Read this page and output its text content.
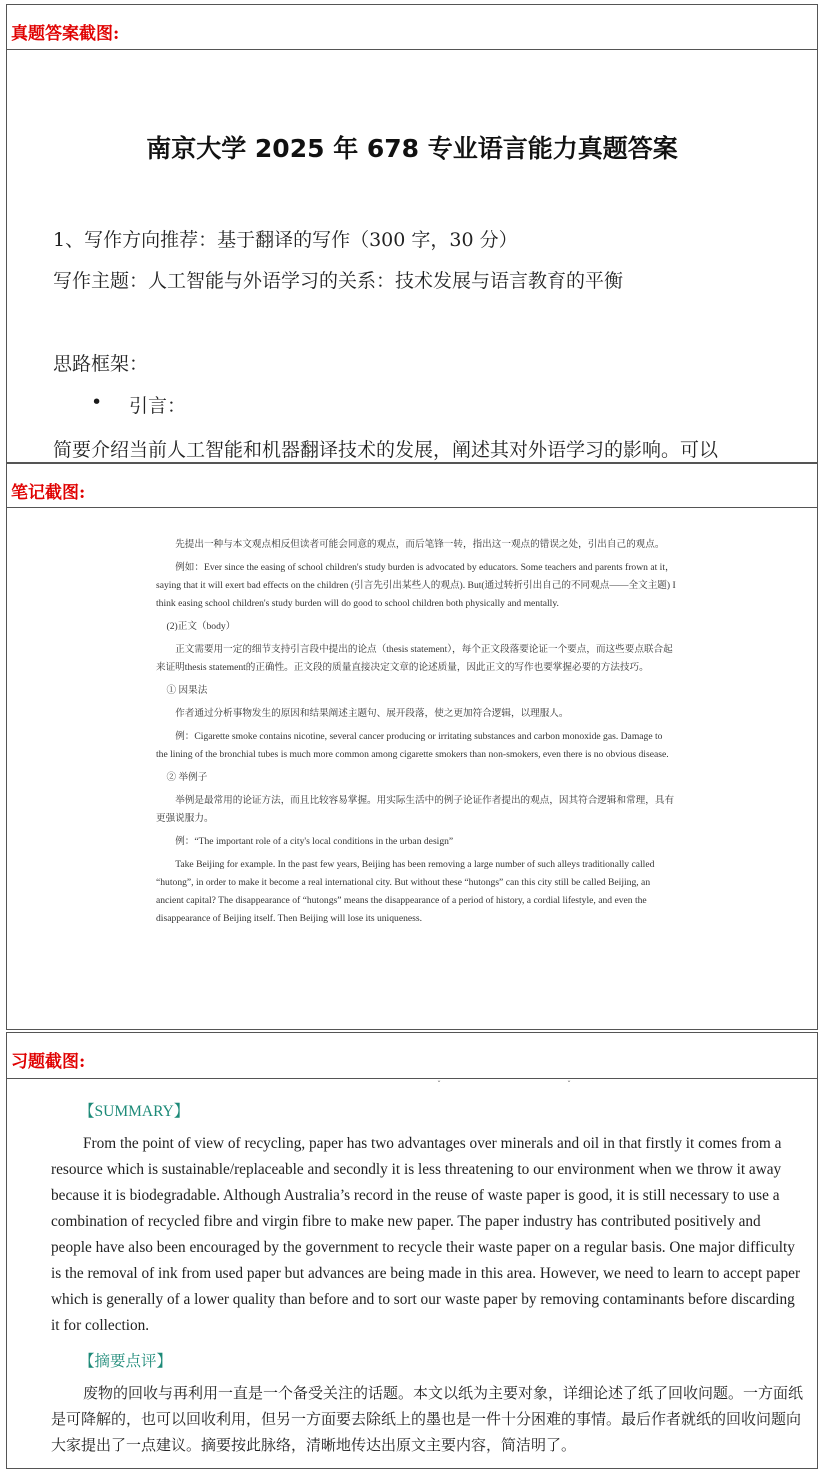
真题答案截图:
南京大学 2025 年 678 专业语言能力真题答案
1、写作方向推荐：基于翻译的写作（300 字，30 分）
写作主题：人工智能与外语学习的关系：技术发展与语言教育的平衡
思路框架：
• 引言：
简要介绍当前人工智能和机器翻译技术的发展，阐述其对外语学习的影响。可以
笔记截图:

先提出一种与本文观点相反但读者可能会同意的观点，而后笔锋一转，指出这一观点的错误之处，引出自己的观点。

例如：Ever since the easing of school children's study burden is advocated by educators. Some teachers and parents frown at it，saying that it will exert bad effects on the children (引言先引出某些人的观点). But(通过转折引出自己的不同观点——全文主题) I think easing school children's study burden will do good to school children both physically and mentally.

(2)正文（body）

正文需要用一定的细节支持引言段中提出的论点（thesis statement），每个正文段落要论证一个要点，而这些要点联合起来证明thesis statement的正确性。正文段的质量直接决定文章的论述质量，因此正文的写作也要掌握必要的方法技巧。

① 因果法

作者通过分析事物发生的原因和结果阐述主题句、展开段落，使之更加符合逻辑，以理服人。

例：Cigarette smoke contains nicotine, several cancer producing or irritating substances and carbon monoxide gas. Damage to the lining of the bronchial tubes is much more common among cigarette smokers than non-smokers, even there is no obvious disease.

② 举例子

举例是最常用的论证方法，而且比较容易掌握。用实际生活中的例子论证作者提出的观点，因其符合逻辑和常理，具有更强说服力。

例：“The important role of a city's local conditions in the urban design”

Take Beijing for example. In the past few years, Beijing has been removing a large number of such alleys traditionally called “hutong”, in order to make it become a real international city. But without these “hutongs” can this city still be called Beijing, an ancient capital? The disappearance of “hutongs” means the disappearance of a period of history, a cordial lifestyle, and even the disappearance of Beijing itself. Then Beijing will lose its uniqueness.

习题截图:
ˇ	ˇ
【SUMMARY】
From the point of view of recycling, paper has two advantages over minerals and oil in that firstly it comes from a resource which is sustainable/replaceable and secondly it is less threatening to our environment when we throw it away because it is biodegradable. Although Australia’s record in the reuse of waste paper is good, it is still necessary to use a combination of recycled fibre and virgin fibre to make new paper. The paper industry has contributed positively and people have also been encouraged by the government to recycle their waste paper on a regular basis. One major difficulty is the removal of ink from used paper but advances are being made in this area. However, we need to learn to accept paper which is generally of a lower quality than before and to sort our waste paper by removing contaminants before discarding it for collection.
【摘要点评】
废物的回收与再利用一直是一个备受关注的话题。本文以纸为主要对象，详细论述了纸了回收问题。一方面纸是可降解的，也可以回收利用，但另一方面要去除纸上的墨也是一件十分困难的事情。最后作者就纸的回收问题向大家提出了一点建议。摘要按此脉络，清晰地传达出原文主要内容，简洁明了。
